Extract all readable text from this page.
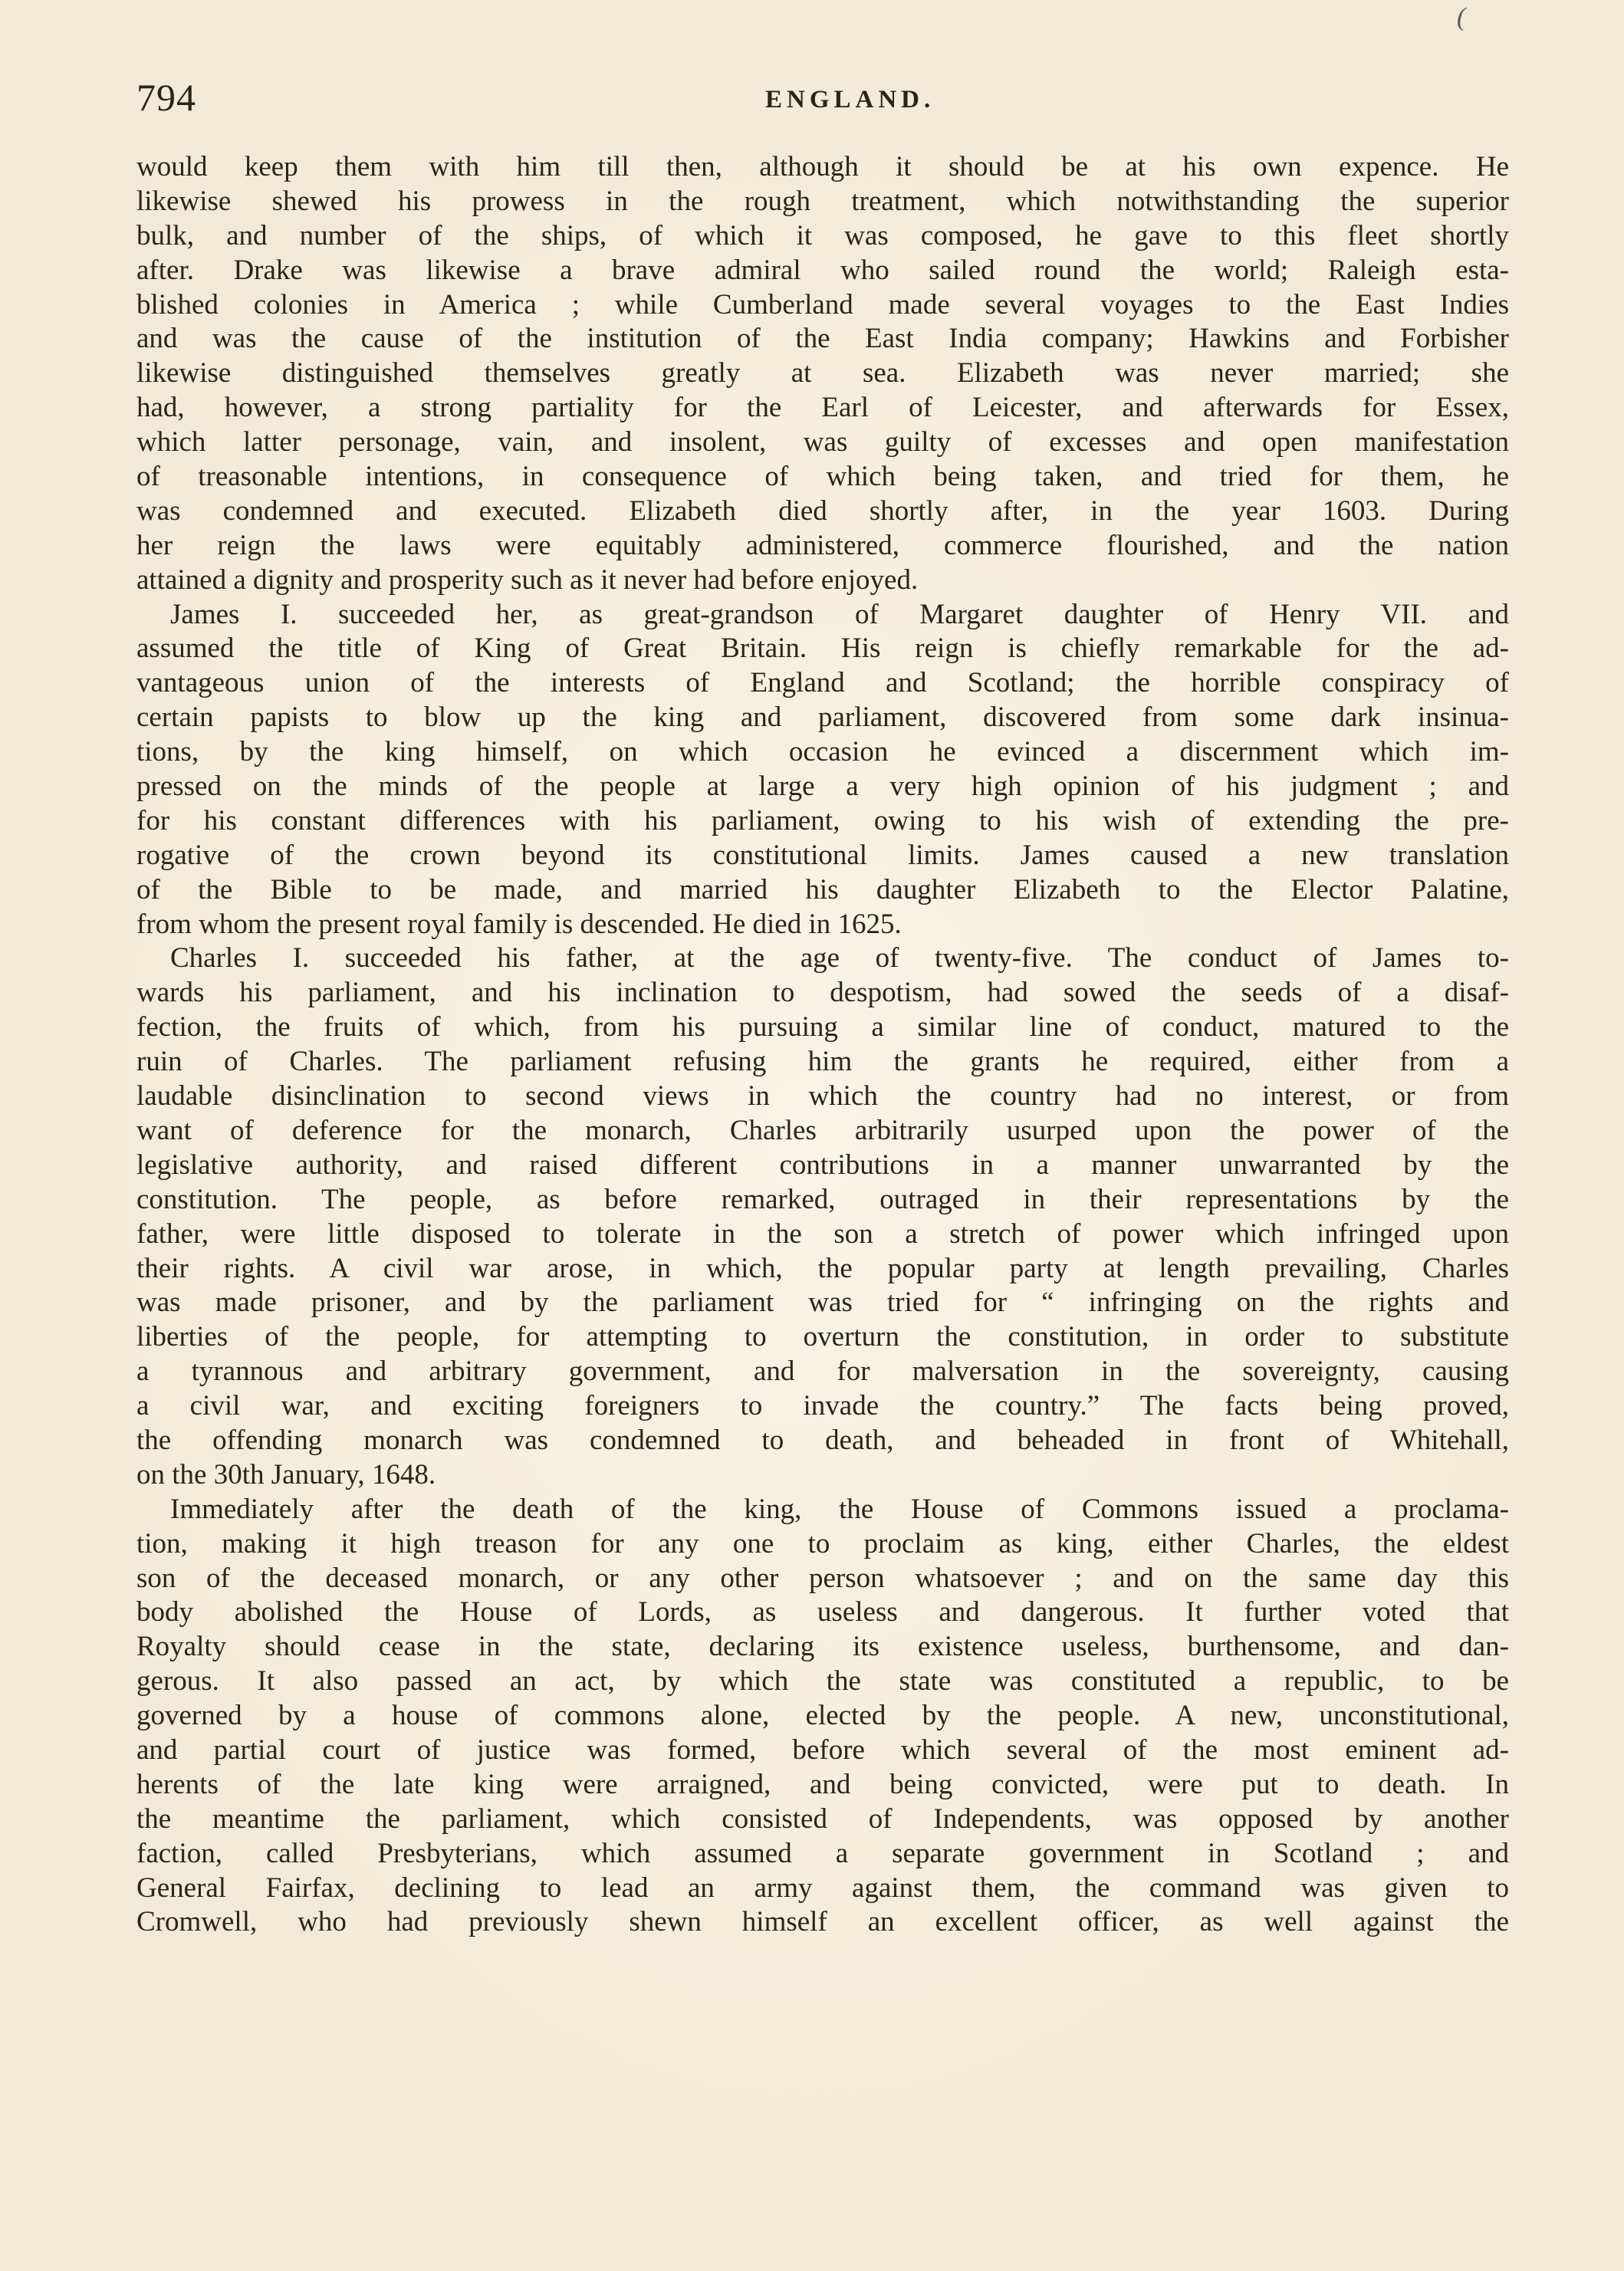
(
794	ENGLAND.
would keep them with him till then, although it should be at his own expence. He
likewise shewed his prowess in the rough treatment, which notwithstanding the superior
bulk, and number of the ships, of which it was composed, he gave to this fleet shortly
after. Drake was likewise a brave admiral who sailed round the world; Raleigh esta-
blished colonies in America ; while Cumberland made several voyages to the East Indies
and was the cause of the institution of the East India company; Hawkins and Forbisher
likewise distinguished themselves greatly at sea. Elizabeth was never married; she
had, however, a strong partiality for the Earl of Leicester, and afterwards for Essex,
which latter personage, vain, and insolent, was guilty of excesses and open manifestation
of treasonable intentions, in consequence of which being taken, and tried for them, he
was condemned and executed. Elizabeth died shortly after, in the year 1603. During
her reign the laws were equitably administered, commerce flourished, and the nation
attained a dignity and prosperity such as it never had before enjoyed.
James I. succeeded her, as great-grandson of Margaret daughter of Henry VII. and
assumed the title of King of Great Britain. His reign is chiefly remarkable for the ad-
vantageous union of the interests of England and Scotland; the horrible conspiracy of
certain papists to blow up the king and parliament, discovered from some dark insinua-
tions, by the king himself, on which occasion he evinced a discernment which im-
pressed on the minds of the people at large a very high opinion of his judgment ; and
for his constant differences with his parliament, owing to his wish of extending the pre-
rogative of the crown beyond its constitutional limits. James caused a new translation
of the Bible to be made, and married his daughter Elizabeth to the Elector Palatine,
from whom the present royal family is descended. He died in 1625.
Charles I. succeeded his father, at the age of twenty-five. The conduct of James to-
wards his parliament, and his inclination to despotism, had sowed the seeds of a disaf-
fection, the fruits of which, from his pursuing a similar line of conduct, matured to the
ruin of Charles. The parliament refusing him the grants he required, either from a
laudable disinclination to second views in which the country had no interest, or from
want of deference for the monarch, Charles arbitrarily usurped upon the power of the
legislative authority, and raised different contributions in a manner unwarranted by the
constitution. The people, as before remarked, outraged in their representations by the
father, were little disposed to tolerate in the son a stretch of power which infringed upon
their rights. A civil war arose, in which, the popular party at length prevailing, Charles
was made prisoner, and by the parliament was tried for “ infringing on the rights and
liberties of the people, for attempting to overturn the constitution, in order to substitute
a tyrannous and arbitrary government, and for malversation in the sovereignty, causing
a civil war, and exciting foreigners to invade the country.” The facts being proved,
the offending monarch was condemned to death, and beheaded in front of Whitehall,
on the 30th January, 1648.
Immediately after the death of the king, the House of Commons issued a proclama-
tion, making it high treason for any one to proclaim as king, either Charles, the eldest
son of the deceased monarch, or any other person whatsoever ; and on the same day this
body abolished the House of Lords, as useless and dangerous. It further voted that
Royalty should cease in the state, declaring its existence useless, burthensome, and dan-
gerous. It also passed an act, by which the state was constituted a republic, to be
governed by a house of commons alone, elected by the people. A new, unconstitutional,
and partial court of justice was formed, before which several of the most eminent ad-
herents of the late king were arraigned, and being convicted, were put to death. In
the meantime the parliament, which consisted of Independents, was opposed by another
faction, called Presbyterians, which assumed a separate government in Scotland ; and
General Fairfax, declining to lead an army against them, the command was given to
Cromwell, who had previously shewn himself an excellent officer, as well against the
